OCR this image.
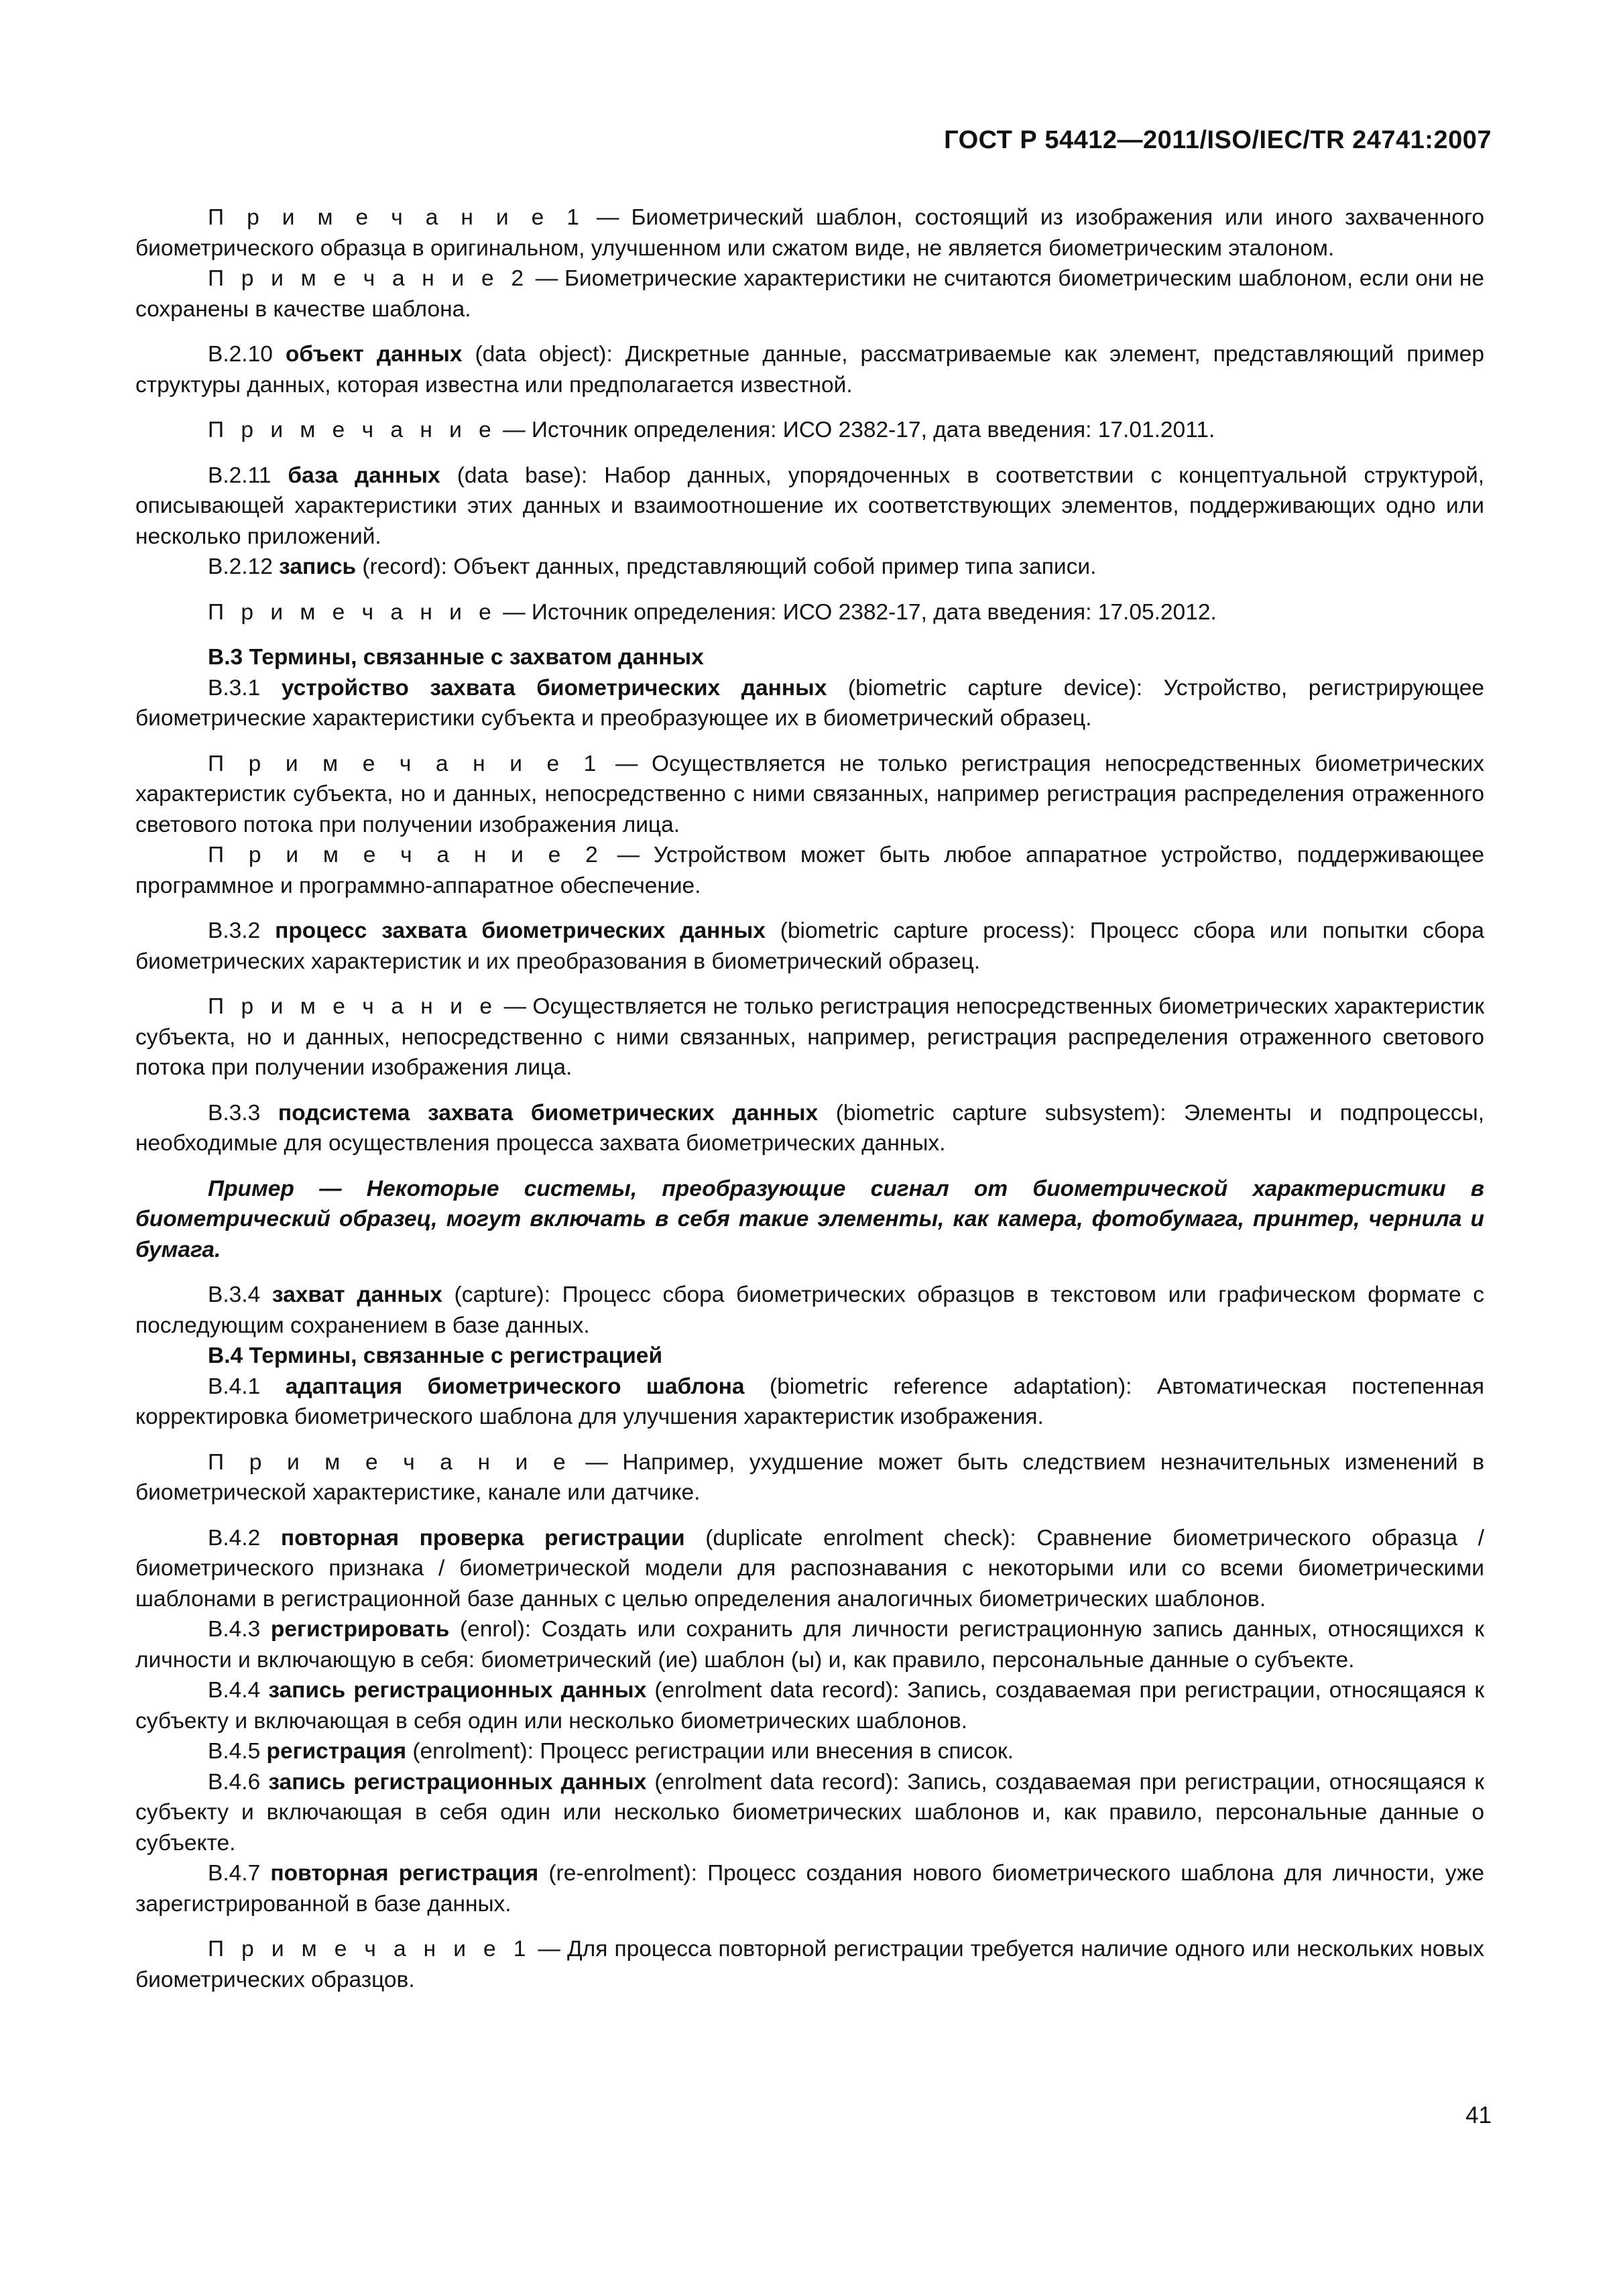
ГОСТ Р 54412—2011/ISO/IEC/TR 24741:2007

П р и м е ч а н и е 1 — Биометрический шаблон, состоящий из изображения или иного захваченного биометрического образца в оригинальном, улучшенном или сжатом виде, не является биометрическим эталоном.

П р и м е ч а н и е 2 — Биометрические характеристики не считаются биометрическим шаблоном, если они не сохранены в качестве шаблона.

В.2.10 объект данных (data object): Дискретные данные, рассматриваемые как элемент, представляющий пример структуры данных, которая известна или предполагается известной.

П р и м е ч а н и е — Источник определения: ИСО 2382-17, дата введения: 17.01.2011.

В.2.11 база данных (data base): Набор данных, упорядоченных в соответствии с концептуальной структурой, описывающей характеристики этих данных и взаимоотношение их соответствующих элементов, поддерживающих одно или несколько приложений.

В.2.12 запись (record): Объект данных, представляющий собой пример типа записи.

П р и м е ч а н и е — Источник определения: ИСО 2382-17, дата введения: 17.05.2012.

В.3 Термины, связанные с захватом данных

В.3.1 устройство захвата биометрических данных (biometric capture device): Устройство, регистрирующее биометрические характеристики субъекта и преобразующее их в биометрический образец.

П р и м е ч а н и е 1 — Осуществляется не только регистрация непосредственных биометрических характеристик субъекта, но и данных, непосредственно с ними связанных, например регистрация распределения отраженного светового потока при получении изображения лица.

П р и м е ч а н и е 2 — Устройством может быть любое аппаратное устройство, поддерживающее программное и программно-аппаратное обеспечение.

В.3.2 процесс захвата биометрических данных (biometric capture process): Процесс сбора или попытки сбора биометрических характеристик и их преобразования в биометрический образец.

П р и м е ч а н и е — Осуществляется не только регистрация непосредственных биометрических характеристик субъекта, но и данных, непосредственно с ними связанных, например, регистрация распределения отраженного светового потока при получении изображения лица.

В.3.3 подсистема захвата биометрических данных (biometric capture subsystem): Элементы и подпроцессы, необходимые для осуществления процесса захвата биометрических данных.

Пример — Некоторые системы, преобразующие сигнал от биометрической характеристики в биометрический образец, могут включать в себя такие элементы, как камера, фотобумага, принтер, чернила и бумага.

В.3.4 захват данных (capture): Процесс сбора биометрических образцов в текстовом или графическом формате с последующим сохранением в базе данных.

В.4 Термины, связанные с регистрацией

В.4.1 адаптация биометрического шаблона (biometric reference adaptation): Автоматическая постепенная корректировка биометрического шаблона для улучшения характеристик изображения.

П р и м е ч а н и е — Например, ухудшение может быть следствием незначительных изменений в биометрической характеристике, канале или датчике.

В.4.2 повторная проверка регистрации (duplicate enrolment check): Сравнение биометрического образца /биометрического признака / биометрической модели для распознавания с некоторыми или со всеми биометрическими шаблонами в регистрационной базе данных с целью определения аналогичных биометрических шаблонов.

В.4.3 регистрировать (enrol): Создать или сохранить для личности регистрационную запись данных, относящихся к личности и включающую в себя: биометрический (ие) шаблон (ы) и, как правило, персональные данные о субъекте.

В.4.4 запись регистрационных данных (enrolment data record): Запись, создаваемая при регистрации, относящаяся к субъекту и включающая в себя один или несколько биометрических шаблонов.

В.4.5 регистрация (enrolment): Процесс регистрации или внесения в список.

В.4.6 запись регистрационных данных (enrolment data record): Запись, создаваемая при регистрации, относящаяся к субъекту и включающая в себя один или несколько биометрических шаблонов и, как правило, персональные данные о субъекте.

В.4.7 повторная регистрация (re-enrolment): Процесс создания нового биометрического шаблона для личности, уже зарегистрированной в базе данных.

П р и м е ч а н и е 1 — Для процесса повторной регистрации требуется наличие одного или нескольких новых биометрических образцов.

41
